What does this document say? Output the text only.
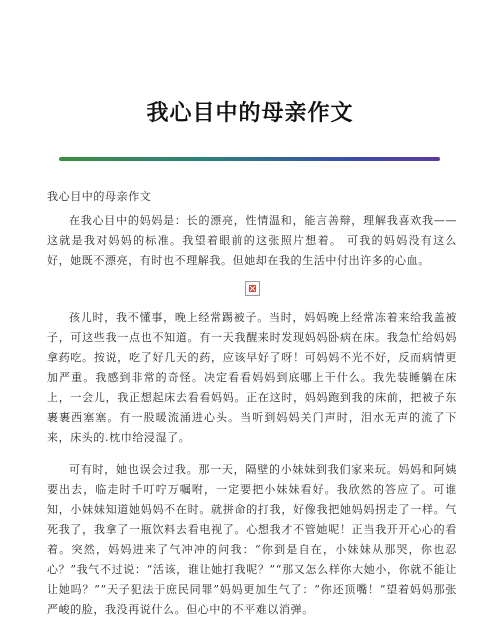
我心目中的母亲作文

我心目中的母亲作文

在我心目中的妈妈是：长的漂亮，性情温和，能言善辩，理解我喜欢我——这就是我对妈妈的标准。我望着眼前的这张照片想着。 可我的妈妈没有这么好，她既不漂亮，有时也不理解我。但她却在我的生活中付出许多的心血。

孩儿时，我不懂事，晚上经常踢被子。当时，妈妈晚上经常冻着来给我盖被子，可这些我一点也不知道。有一天我醒来时发现妈妈卧病在床。我急忙给妈妈拿药吃。按说，吃了好几天的药，应该早好了呀！可妈妈不光不好，反而病情更加严重。我感到非常的奇怪。决定看看妈妈到底哪上干什么。我先装睡躺在床上，一会儿，我正想起床去看看妈妈。正在这时，妈妈跑到我的床前，把被子东裹裹西塞塞。有一股暖流涌进心头。当听到妈妈关门声时，泪水无声的流了下来，床头的.枕巾给浸湿了。

可有时，她也误会过我。那一天，隔壁的小妹妹到我们家来玩。妈妈和阿姨要出去，临走时千叮咛万嘱咐，一定要把小妹妹看好。我欣然的答应了。可谁知，小妹妹知道她妈妈不在时。就拼命的打我，好像我把她妈妈拐走了一样。气死我了，我拿了一瓶饮料去看电视了。心想我才不管她呢！正当我开开心心的看着。突然，妈妈进来了气冲冲的问我：“你到是自在，小妹妹从那哭，你也忍心？”我气不过说：“活该，谁让她打我呢？”“那又怎么样你大她小，你就不能让让她吗？”“天子犯法于庶民同罪”妈妈更加生气了：“你还顶嘴！”望着妈妈那张严峻的脸，我没再说什么。但心中的不平难以消弹。
